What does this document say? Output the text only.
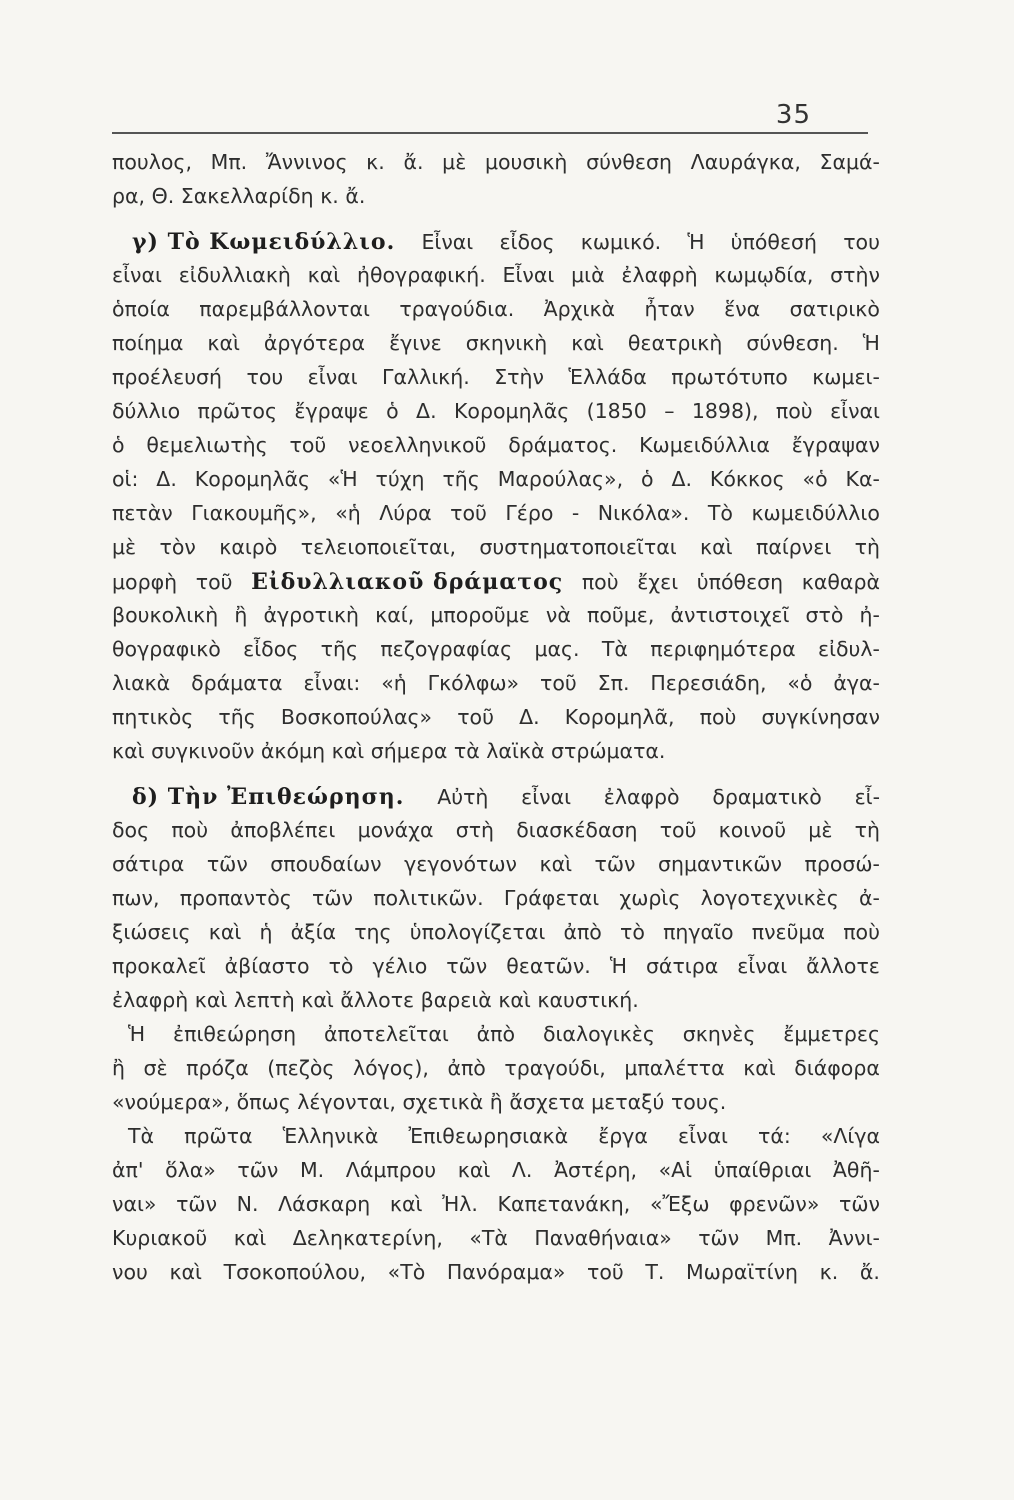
35
πουλος, Μπ. Ἄννινος κ. ἄ. μὲ μουσικὴ σύνθεση Λαυράγκα, Σαμά-
ρα,
Θ.
Σακελλαρίδη
κ.
ἄ.

γ) Τὸ Κωμειδύλλιο. Εἶναι εἶδος κωμικό. Ἡ ὑπόθεσή του
εἶναι εἰδυλλιακὴ καὶ ἠθογραφική. Εἶναι μιὰ ἐλαφρὴ κωμῳδία, στὴν
ὁποία παρεμβάλλονται τραγούδια. Ἀρχικὰ ἦταν ἕνα σατιρικὸ
ποίημα καὶ ἀργότερα ἔγινε σκηνικὴ καὶ θεατρικὴ σύνθεση. Ἡ
προέλευσή του εἶναι Γαλλική. Στὴν Ἑλλάδα πρωτότυπο κωμει-
δύλλιο πρῶτος ἔγραψε ὁ Δ. Κορομηλᾶς (1850 – 1898), ποὺ εἶναι
ὁ θεμελιωτὴς τοῦ νεοελληνικοῦ δράματος. Κωμειδύλλια ἔγραψαν
οἱ: Δ. Κορομηλᾶς «Ἡ τύχη τῆς Μαρούλας», ὁ Δ. Κόκκος «ὁ Κα-
πετὰν Γιακουμῆς», «ἡ Λύρα τοῦ Γέρο - Νικόλα». Τὸ κωμειδύλλιο
μὲ τὸν καιρὸ τελειοποιεῖται, συστηματοποιεῖται καὶ παίρνει τὴ
μορφὴ τοῦ Εἰδυλλιακοῦ δράματος ποὺ ἔχει ὑπόθεση καθαρὰ
βουκολικὴ ἢ ἀγροτικὴ καί, μποροῦμε νὰ ποῦμε, ἀντιστοιχεῖ στὸ ἠ-
θογραφικὸ εἶδος τῆς πεζογραφίας μας. Τὰ περιφημότερα εἰδυλ-
λιακὰ δράματα εἶναι: «ἡ Γκόλφω» τοῦ Σπ. Περεσιάδη, «ὁ ἀγα-
πητικὸς τῆς Βοσκοπούλας» τοῦ Δ. Κορομηλᾶ, ποὺ συγκίνησαν
καὶ
συγκινοῦν
ἀκόμη
καὶ
σήμερα
τὰ
λαϊκὰ
στρώματα.

δ) Τὴν Ἐπιθεώρηση. Αὐτὴ εἶναι ἐλαφρὸ δραματικὸ εἶ-
δος ποὺ ἀποβλέπει μονάχα στὴ διασκέδαση τοῦ κοινοῦ μὲ τὴ
σάτιρα τῶν σπουδαίων γεγονότων καὶ τῶν σημαντικῶν προσώ-
πων, προπαντὸς τῶν πολιτικῶν. Γράφεται χωρὶς λογοτεχνικὲς ἀ-
ξιώσεις καὶ ἡ ἀξία της ὑπολογίζεται ἀπὸ τὸ πηγαῖο πνεῦμα ποὺ
προκαλεῖ ἀβίαστο τὸ γέλιο τῶν θεατῶν. Ἡ σάτιρα εἶναι ἄλλοτε
ἐλαφρὴ
καὶ
λεπτὴ
καὶ
ἄλλοτε
βαρειὰ
καὶ
καυστική.

Ἡ ἐπιθεώρηση ἀποτελεῖται ἀπὸ διαλογικὲς σκηνὲς ἔμμετρες
ἢ σὲ πρόζα (πεζὸς λόγος), ἀπὸ τραγούδι, μπαλέττα καὶ διάφορα
«νούμερα»,
ὅπως
λέγονται,
σχετικὰ
ἢ
ἄσχετα
μεταξύ
τους.

Τὰ πρῶτα Ἑλληνικὰ Ἐπιθεωρησιακὰ ἔργα εἶναι τά: «Λίγα
ἀπ' ὅλα» τῶν Μ. Λάμπρου καὶ Λ. Ἀστέρη, «Αἱ ὑπαίθριαι Ἀθῆ-
ναι» τῶν Ν. Λάσκαρη καὶ Ἠλ. Καπετανάκη, «Ἔξω φρενῶν» τῶν
Κυριακοῦ καὶ Δεληκατερίνη, «Τὰ Παναθήναια» τῶν Μπ. Ἀννι-
νου καὶ Τσοκοπούλου, «Τὸ Πανόραμα» τοῦ Τ. Μωραϊτίνη κ. ἄ.
